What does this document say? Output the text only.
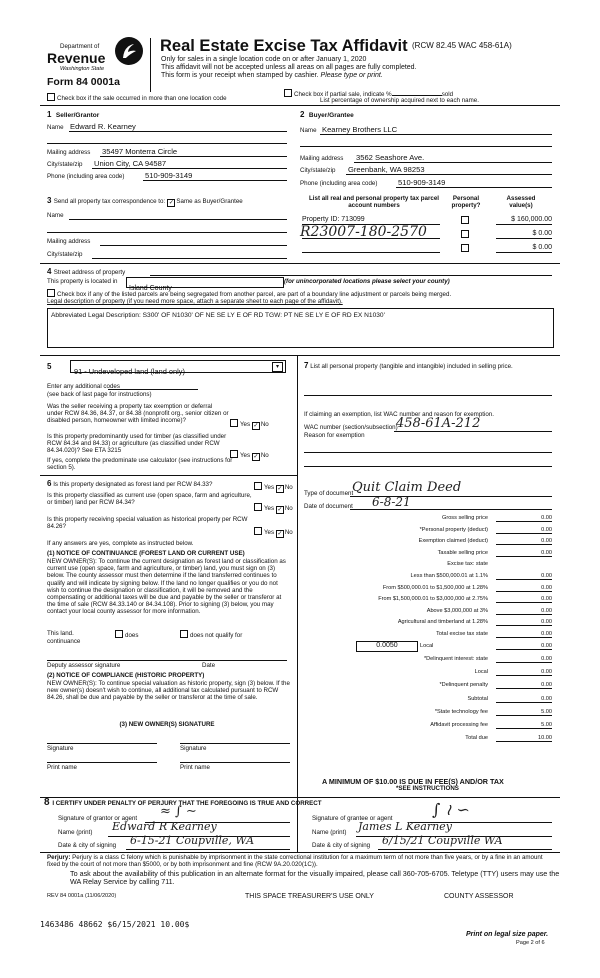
Department of
Revenue
Washington State
Form 84 0001a
Real Estate Excise Tax Affidavit (RCW 82.45 WAC 458-61A)
Only for sales in a single location code on or after January 1, 2020
This affidavit will not be accepted unless all areas on all pages are fully completed.
This form is your receipt when stamped by cashier. Please type or print.
Check box if the sale occurred in more than one location code
Check box if partial sale, indicate %	sold
List percentage of ownership acquired next to each name.
1 Seller/Grantor
Name Edward R. Kearney
Mailing address 35497 Monterra Circle
City/state/zip Union City, CA 94587
Phone (including area code)	510-909-3149
2 Buyer/Grantee
Name Kearney Brothers LLC
Mailing address 3562 Seashore Ave.
City/state/zip Greenbank, WA 98253
Phone (including area code)	510-909-3149
3 Send all property tax correspondence to: ✓ Same as Buyer/Grantee
Name
Mailing address
City/state/zip
List all real and personal property tax parcel account numbers
Personal property?
Assessed value(s)
Property ID: 713099	$ 160,000.00
R23007-180-2570	$ 0.00
$ 0.00
4 Street address of property
This property is located in
Island County
(for unincorporated locations please select your county)
Check box if any of the listed parcels are being segregated from another parcel, are part of a boundary line adjustment or parcels being merged.
Legal description of property (if you need more space, attach a separate sheet to each page of the affidavit).
Abbreviated Legal Description: S300' OF N1030' OF NE SE LY E OF RD TGW: PT NE SE LY E OF RD EX N1030'
5
91 - Undeveloped land (land only)	▾
Enter any additional codes
(see back of last page for instructions)
Was the seller receiving a property tax exemption or deferral under RCW 84.36, 84.37, or 84.38 (nonprofit org., senior citizen or disabled person, homeowner with limited income)?
Yes ✓ No
Is this property predominantly used for timber (as classified under RCW 84.34 and 84.33) or agriculture (as classified under RCW 84.34.020)? See ETA 3215
Yes ✓ No
If yes, complete the predominate use calculator (see instructions for section 5).
6 Is this property designated as forest land per RCW 84.33?	Yes ✓ No
Is this property classified as current use (open space, farm and agriculture, or timber) land per RCW 84.34?
Yes ✓ No
Is this property receiving special valuation as historical property per RCW 84.26?
Yes ✓ No
If any answers are yes, complete as instructed below.
(1) NOTICE OF CONTINUANCE (FOREST LAND OR CURRENT USE)
NEW OWNER(S): To continue the current designation as forest land or classification as current use (open space, farm and agriculture, or timber) land, you must sign on (3) below. The county assessor must then determine if the land transferred continues to qualify and will indicate by signing below. If the land no longer qualifies or you do not wish to continue the designation or classification, it will be removed and the compensating or additional taxes will be due and payable by the seller or transferor at the time of sale (RCW 84.33.140 or 84.34.108). Prior to signing (3) below, you may contact your local county assessor for more information.
This land.
continuance
does	does not qualify for
Deputy assessor signature	Date
(2) NOTICE OF COMPLIANCE (HISTORIC PROPERTY)
NEW OWNER(S): To continue special valuation as historic property, sign (3) below. If the new owner(s) doesn't wish to continue, all additional tax calculated pursuant to RCW 84.26, shall be due and payable by the seller or transferor at the time of sale.
(3) NEW OWNER(S) SIGNATURE
Signature	Signature
Print name	Print name
7 List all personal property (tangible and intangible) included in selling price.
If claiming an exemption, list WAC number and reason for exemption.
WAC number (section/subsection)
458-61A-212
Reason for exemption
Type of document
Quit Claim Deed
Date of document 6-8-21
Gross selling price	0.00
*Personal property (deduct)	0.00
Exemption claimed (deduct)	0.00
Taxable selling price	0.00
Excise tax: state
Less than $500,000.01 at 1.1%	0.00
From $500,000.01 to $1,500,000 at 1.28%	0.00
From $1,500,000.01 to $3,000,000 at 2.75%	0.00
Above $3,000,000 at 3%	0.00
Agricultural and timberland at 1.28%	0.00
Total excise tax state	0.00
0.0050	Local	0.00
*Delinquent interest: state	0.00
Local	0.00
*Delinquent penalty	0.00
Subtotal	0.00
*State technology fee	5.00
Affidavit processing fee	5.00
Total due	10.00
A MINIMUM OF $10.00 IS DUE IN FEE(S) AND/OR TAX
*SEE INSTRUCTIONS
8 I CERTIFY UNDER PENALTY OF PERJURY THAT THE FOREGOING IS TRUE AND CORRECT
Signature of grantor or agent ≈ ∫ ∼
Name (print) Edward R Kearney
Date & city of signing 6-15-21 Coupville, WA
Signature of grantee or agent ∫ ≀ ∽
Name (print) James L Kearney
Date & city of signing 6/15/21 Coupville WA
Perjury: Perjury is a class C felony which is punishable by imprisonment in the state correctional institution for a maximum term of not more than five years, or by a fine in an amount fixed by the court of not more than $5000, or by both imprisonment and fine (RCW 9A.20.020(1C)).
To ask about the availability of this publication in an alternate format for the visually impaired, please call 360-705-6705. Teletype (TTY) users may use the WA Relay Service by calling 711.
REV 84 0001a (11/06/2020)	THIS SPACE TREASURER'S USE ONLY	COUNTY ASSESSOR
1463486 48662 $6/15/2021 10.00$
Print on legal size paper.
Page 2 of 6
